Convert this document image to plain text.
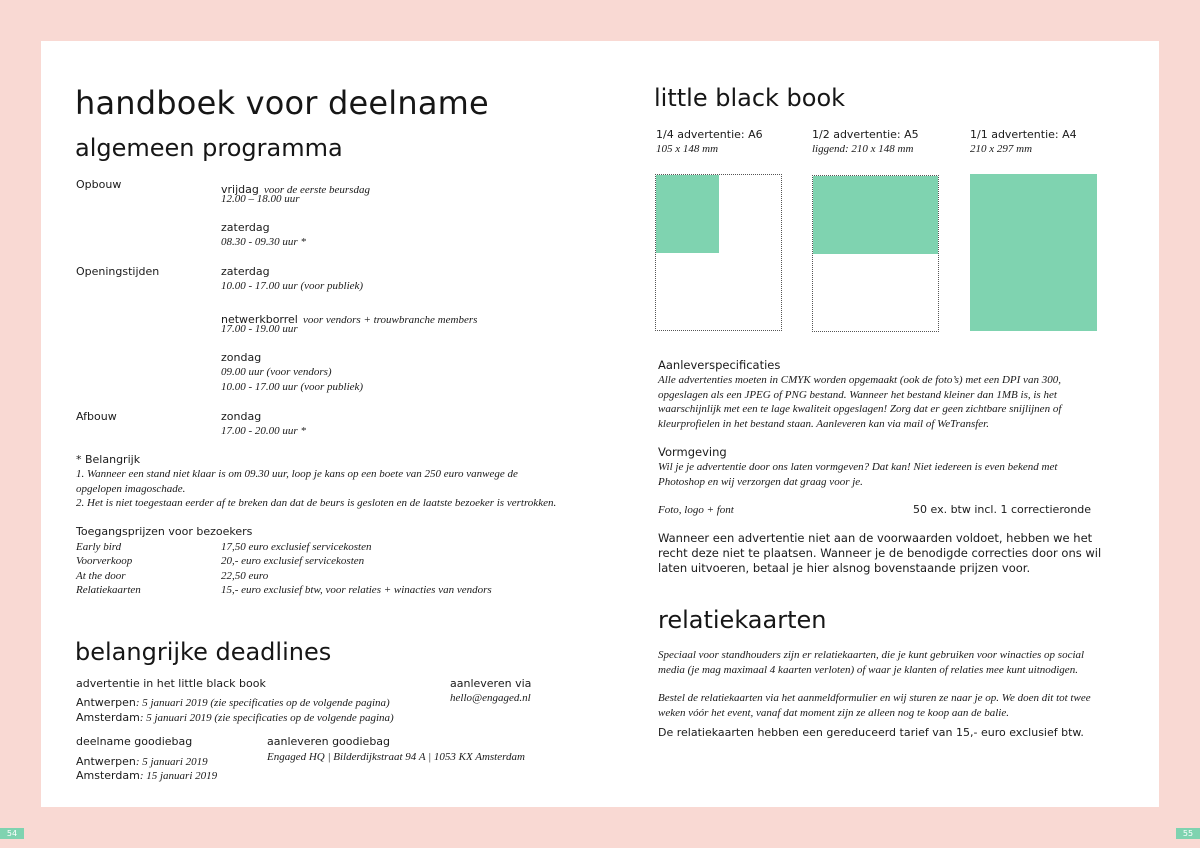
handboek voor deelname
algemeen programma
Opbouw	vrijdag voor de eerste beursdag
12.00 – 18.00 uur
zaterdag
08.30 - 09.30 uur *
Openingstijden	zaterdag
10.00 - 17.00 uur (voor publiek)
netwerkborrel voor vendors + trouwbranche members
17.00 - 19.00 uur
zondag
09.00 uur (voor vendors)
10.00 - 17.00 uur (voor publiek)
Afbouw	zondag
17.00 - 20.00 uur *
* Belangrijk
1. Wanneer een stand niet klaar is om 09.30 uur, loop je kans op een boete van 250 euro vanwege de
opgelopen imagoschade.
2. Het is niet toegestaan eerder af te breken dan dat de beurs is gesloten en de laatste bezoeker is vertrokken.
Toegangsprijzen voor bezoekers
Early bird	17,50 euro exclusief servicekosten
Voorverkoop	20,- euro exclusief servicekosten
At the door	22,50 euro
Relatiekaarten	15,- euro exclusief btw, voor relaties + winacties van vendors
belangrijke deadlines
advertentie in het little black book	aanleveren via
hello@engaged.nl
Antwerpen: 5 januari 2019 (zie specificaties op de volgende pagina)
Amsterdam: 5 januari 2019 (zie specificaties op de volgende pagina)
deelname goodiebag	aanleveren goodiebag
Engaged HQ | Bilderdijkstraat 94 A | 1053 KX Amsterdam
Antwerpen: 5 januari 2019
Amsterdam: 15 januari 2019
54
little black book
1/4 advertentie: A6
105 x 148 mm
1/2 advertentie: A5
liggend: 210 x 148 mm
1/1 advertentie: A4
210 x 297 mm
Aanleverspecificaties
Alle advertenties moeten in CMYK worden opgemaakt (ook de foto’s) met een DPI van 300,
opgeslagen als een JPEG of PNG bestand. Wanneer het bestand kleiner dan 1MB is, is het
waarschijnlijk met een te lage kwaliteit opgeslagen! Zorg dat er geen zichtbare snijlijnen of
kleurprofielen in het bestand staan. Aanleveren kan via mail of WeTransfer.
Vormgeving
Wil je je advertentie door ons laten vormgeven? Dat kan! Niet iedereen is even bekend met
Photoshop en wij verzorgen dat graag voor je.
Foto, logo + font	50 ex. btw incl. 1 correctieronde
Wanneer een advertentie niet aan de voorwaarden voldoet, hebben we het
recht deze niet te plaatsen. Wanneer je de benodigde correcties door ons wil
laten uitvoeren, betaal je hier alsnog bovenstaande prijzen voor.
relatiekaarten
Speciaal voor standhouders zijn er relatiekaarten, die je kunt gebruiken voor winacties op social
media (je mag maximaal 4 kaarten verloten) of waar je klanten of relaties mee kunt uitnodigen.
Bestel de relatiekaarten via het aanmeldformulier en wij sturen ze naar je op. We doen dit tot twee
weken vóór het event, vanaf dat moment zijn ze alleen nog te koop aan de balie.
De relatiekaarten hebben een gereduceerd tarief van 15,- euro exclusief btw.
55
